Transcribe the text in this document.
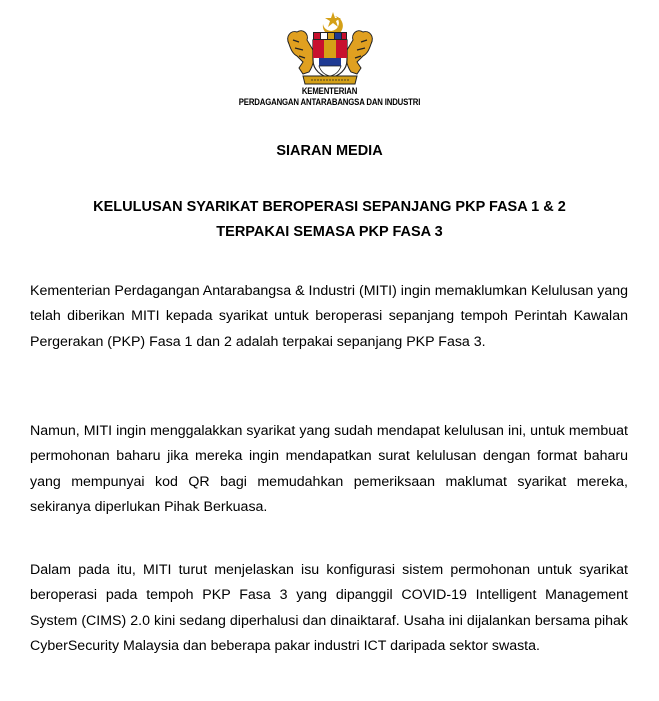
KEMENTERIAN
PERDAGANGAN ANTARABANGSA DAN INDUSTRI
SIARAN MEDIA
KELULUSAN SYARIKAT BEROPERASI SEPANJANG PKP FASA 1 & 2
TERPAKAI SEMASA PKP FASA 3

Kementerian Perdagangan Antarabangsa & Industri (MITI) ingin memaklumkan Kelulusan yang telah diberikan MITI kepada syarikat untuk beroperasi sepanjang tempoh Perintah Kawalan Pergerakan (PKP) Fasa 1 dan 2 adalah terpakai sepanjang PKP Fasa 3.

Namun, MITI ingin menggalakkan syarikat yang sudah mendapat kelulusan ini, untuk membuat permohonan baharu jika mereka ingin mendapatkan surat kelulusan dengan format baharu yang mempunyai kod QR bagi memudahkan pemeriksaan maklumat syarikat mereka, sekiranya diperlukan Pihak Berkuasa.

Dalam pada itu, MITI turut menjelaskan isu konfigurasi sistem permohonan untuk syarikat beroperasi pada tempoh PKP Fasa 3 yang dipanggil COVID-19 Intelligent Management System (CIMS) 2.0 kini sedang diperhalusi dan dinaiktaraf. Usaha ini dijalankan bersama pihak CyberSecurity Malaysia dan beberapa pakar industri ICT daripada sektor swasta.
